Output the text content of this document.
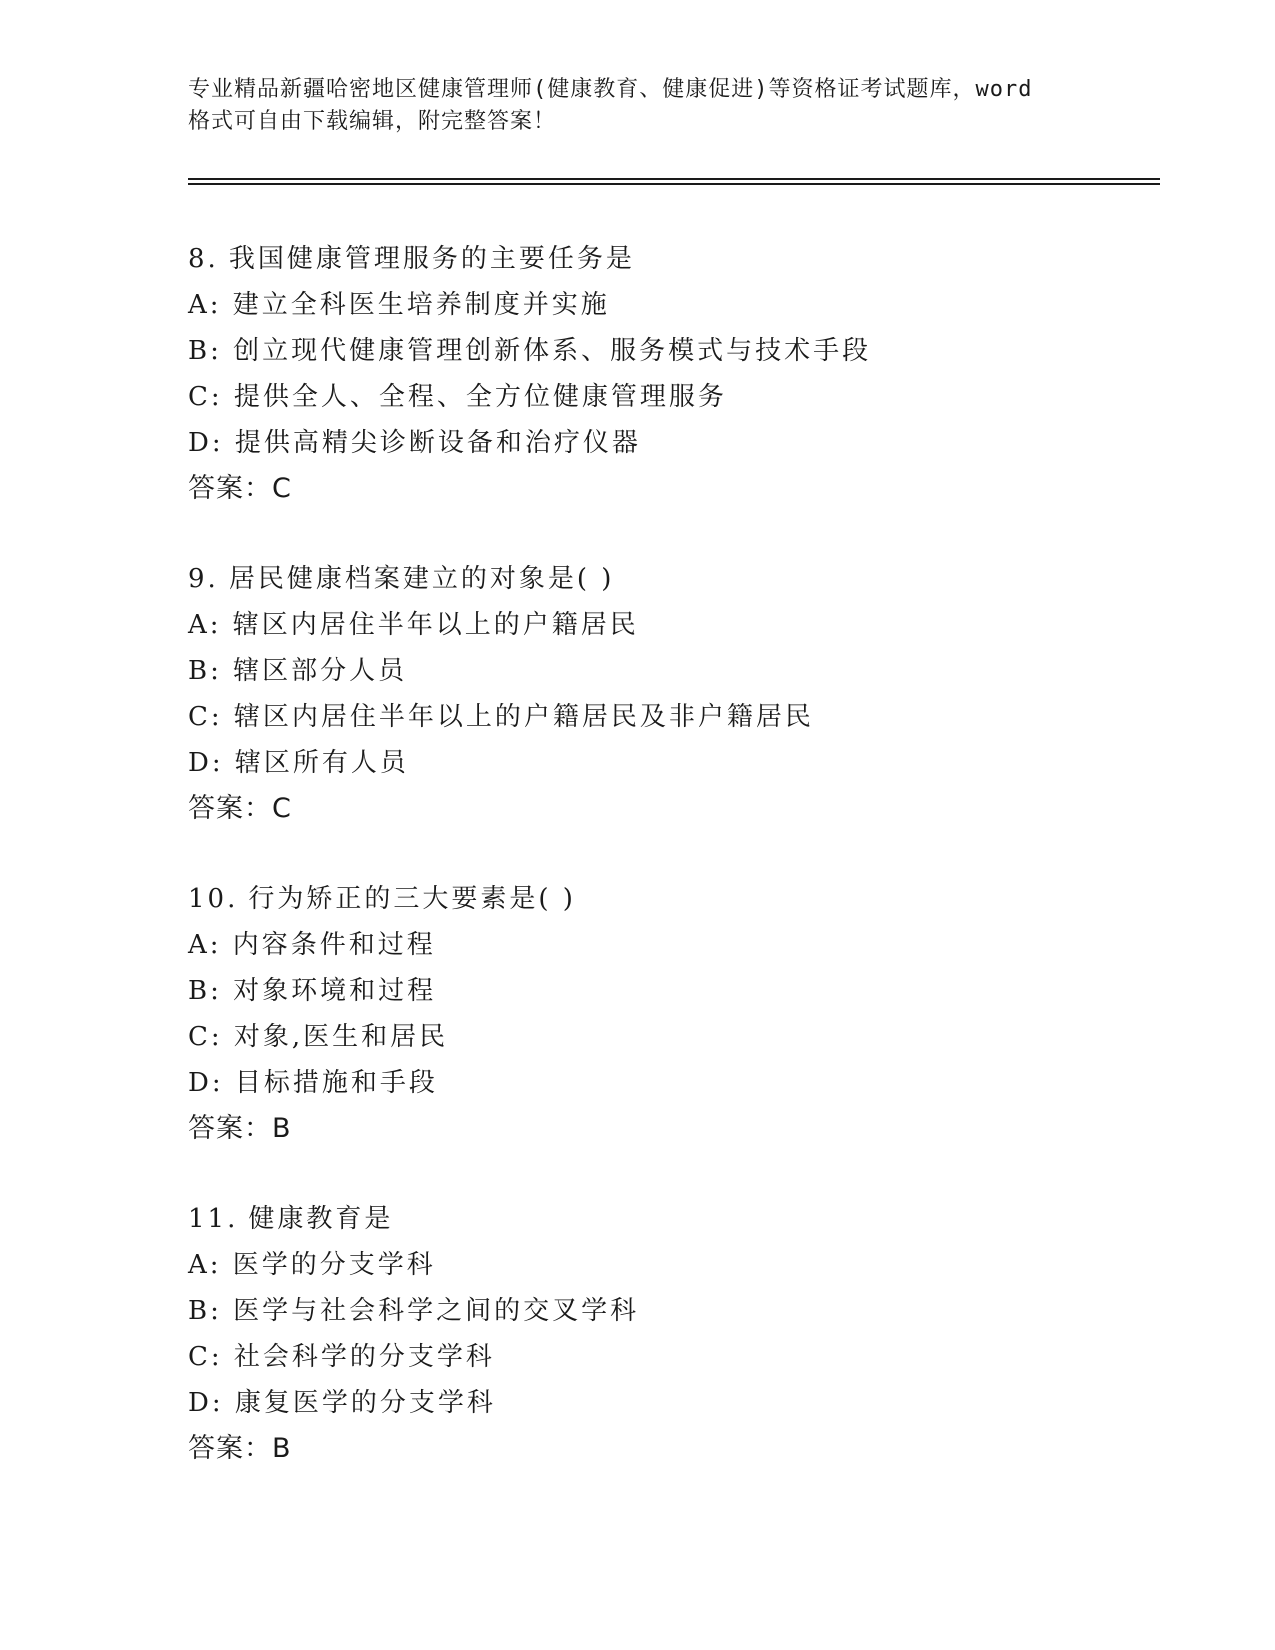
专业精品新疆哈密地区健康管理师(健康教育、健康促进)等资格证考试题库，word
格式可自由下载编辑，附完整答案！
8. 我国健康管理服务的主要任务是
A: 建立全科医生培养制度并实施
B: 创立现代健康管理创新体系、服务模式与技术手段
C: 提供全人、全程、全方位健康管理服务
D: 提供高精尖诊断设备和治疗仪器
答案：C
9. 居民健康档案建立的对象是( )
A: 辖区内居住半年以上的户籍居民
B: 辖区部分人员
C: 辖区内居住半年以上的户籍居民及非户籍居民
D: 辖区所有人员
答案：C
10. 行为矫正的三大要素是( )
A: 内容条件和过程
B: 对象环境和过程
C: 对象,医生和居民
D: 目标措施和手段
答案：B
11. 健康教育是
A: 医学的分支学科
B: 医学与社会科学之间的交叉学科
C: 社会科学的分支学科
D: 康复医学的分支学科
答案：B
